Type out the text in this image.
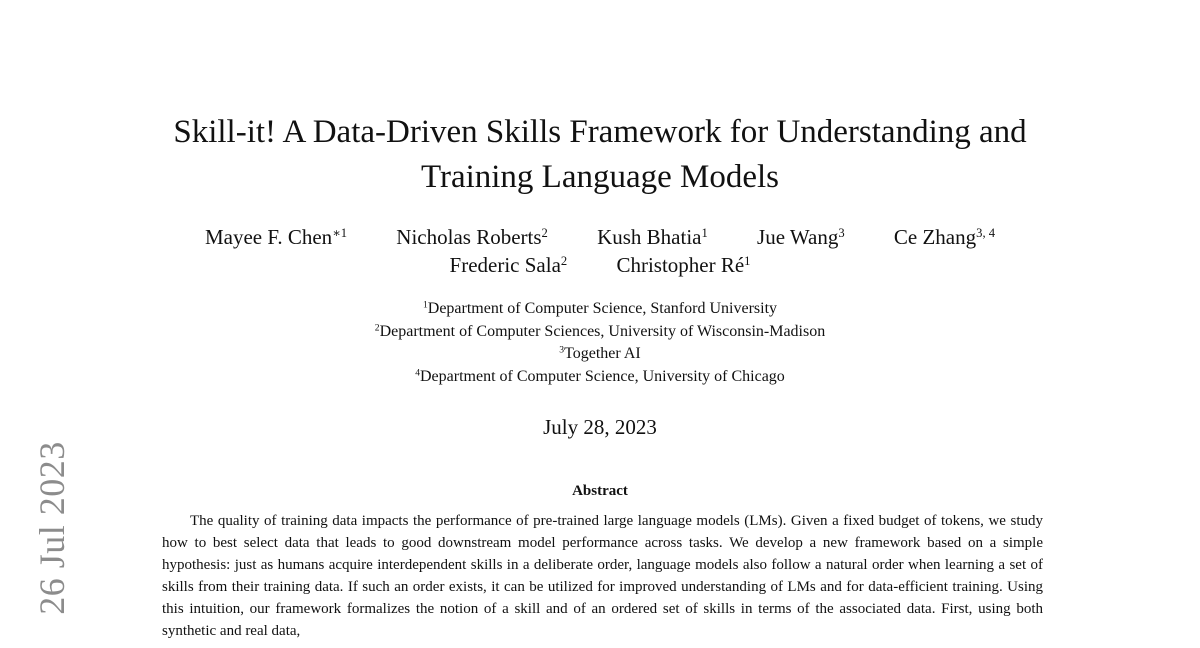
26 Jul 2023
Skill-it! A Data-Driven Skills Framework for Understanding and
Training Language Models
Mayee F. Chen$^{∗1}$ Nicholas Roberts$^2$ Kush Bhatia$^1$ Jue Wang$^3$ Ce Zhang$^{3, 4}$
Frederic Sala$^2$ Christopher $Ré^1$
$^1$Department of Computer Science, Stanford University
$^2$Department of Computer Sciences, University of Wisconsin-Madison
$^3$Together AI
$^4$Department of Computer Science, University of Chicago
July 28, 2023
Abstract
The quality of training data impacts the performance of pre-trained large language models (LMs). Given a fixed budget of tokens, we study how to best select data that leads to good downstream model performance across tasks. We develop a new framework based on a simple hypothesis: just as humans acquire interdependent skills in a deliberate order, language models also follow a natural order when learning a set of skills from their training data. If such an order exists, it can be utilized for improved understanding of LMs and for data-efficient training. Using this intuition, our framework formalizes the notion of a skill and of an ordered set of skills in terms of the associated data. First, using both synthetic and real data,
